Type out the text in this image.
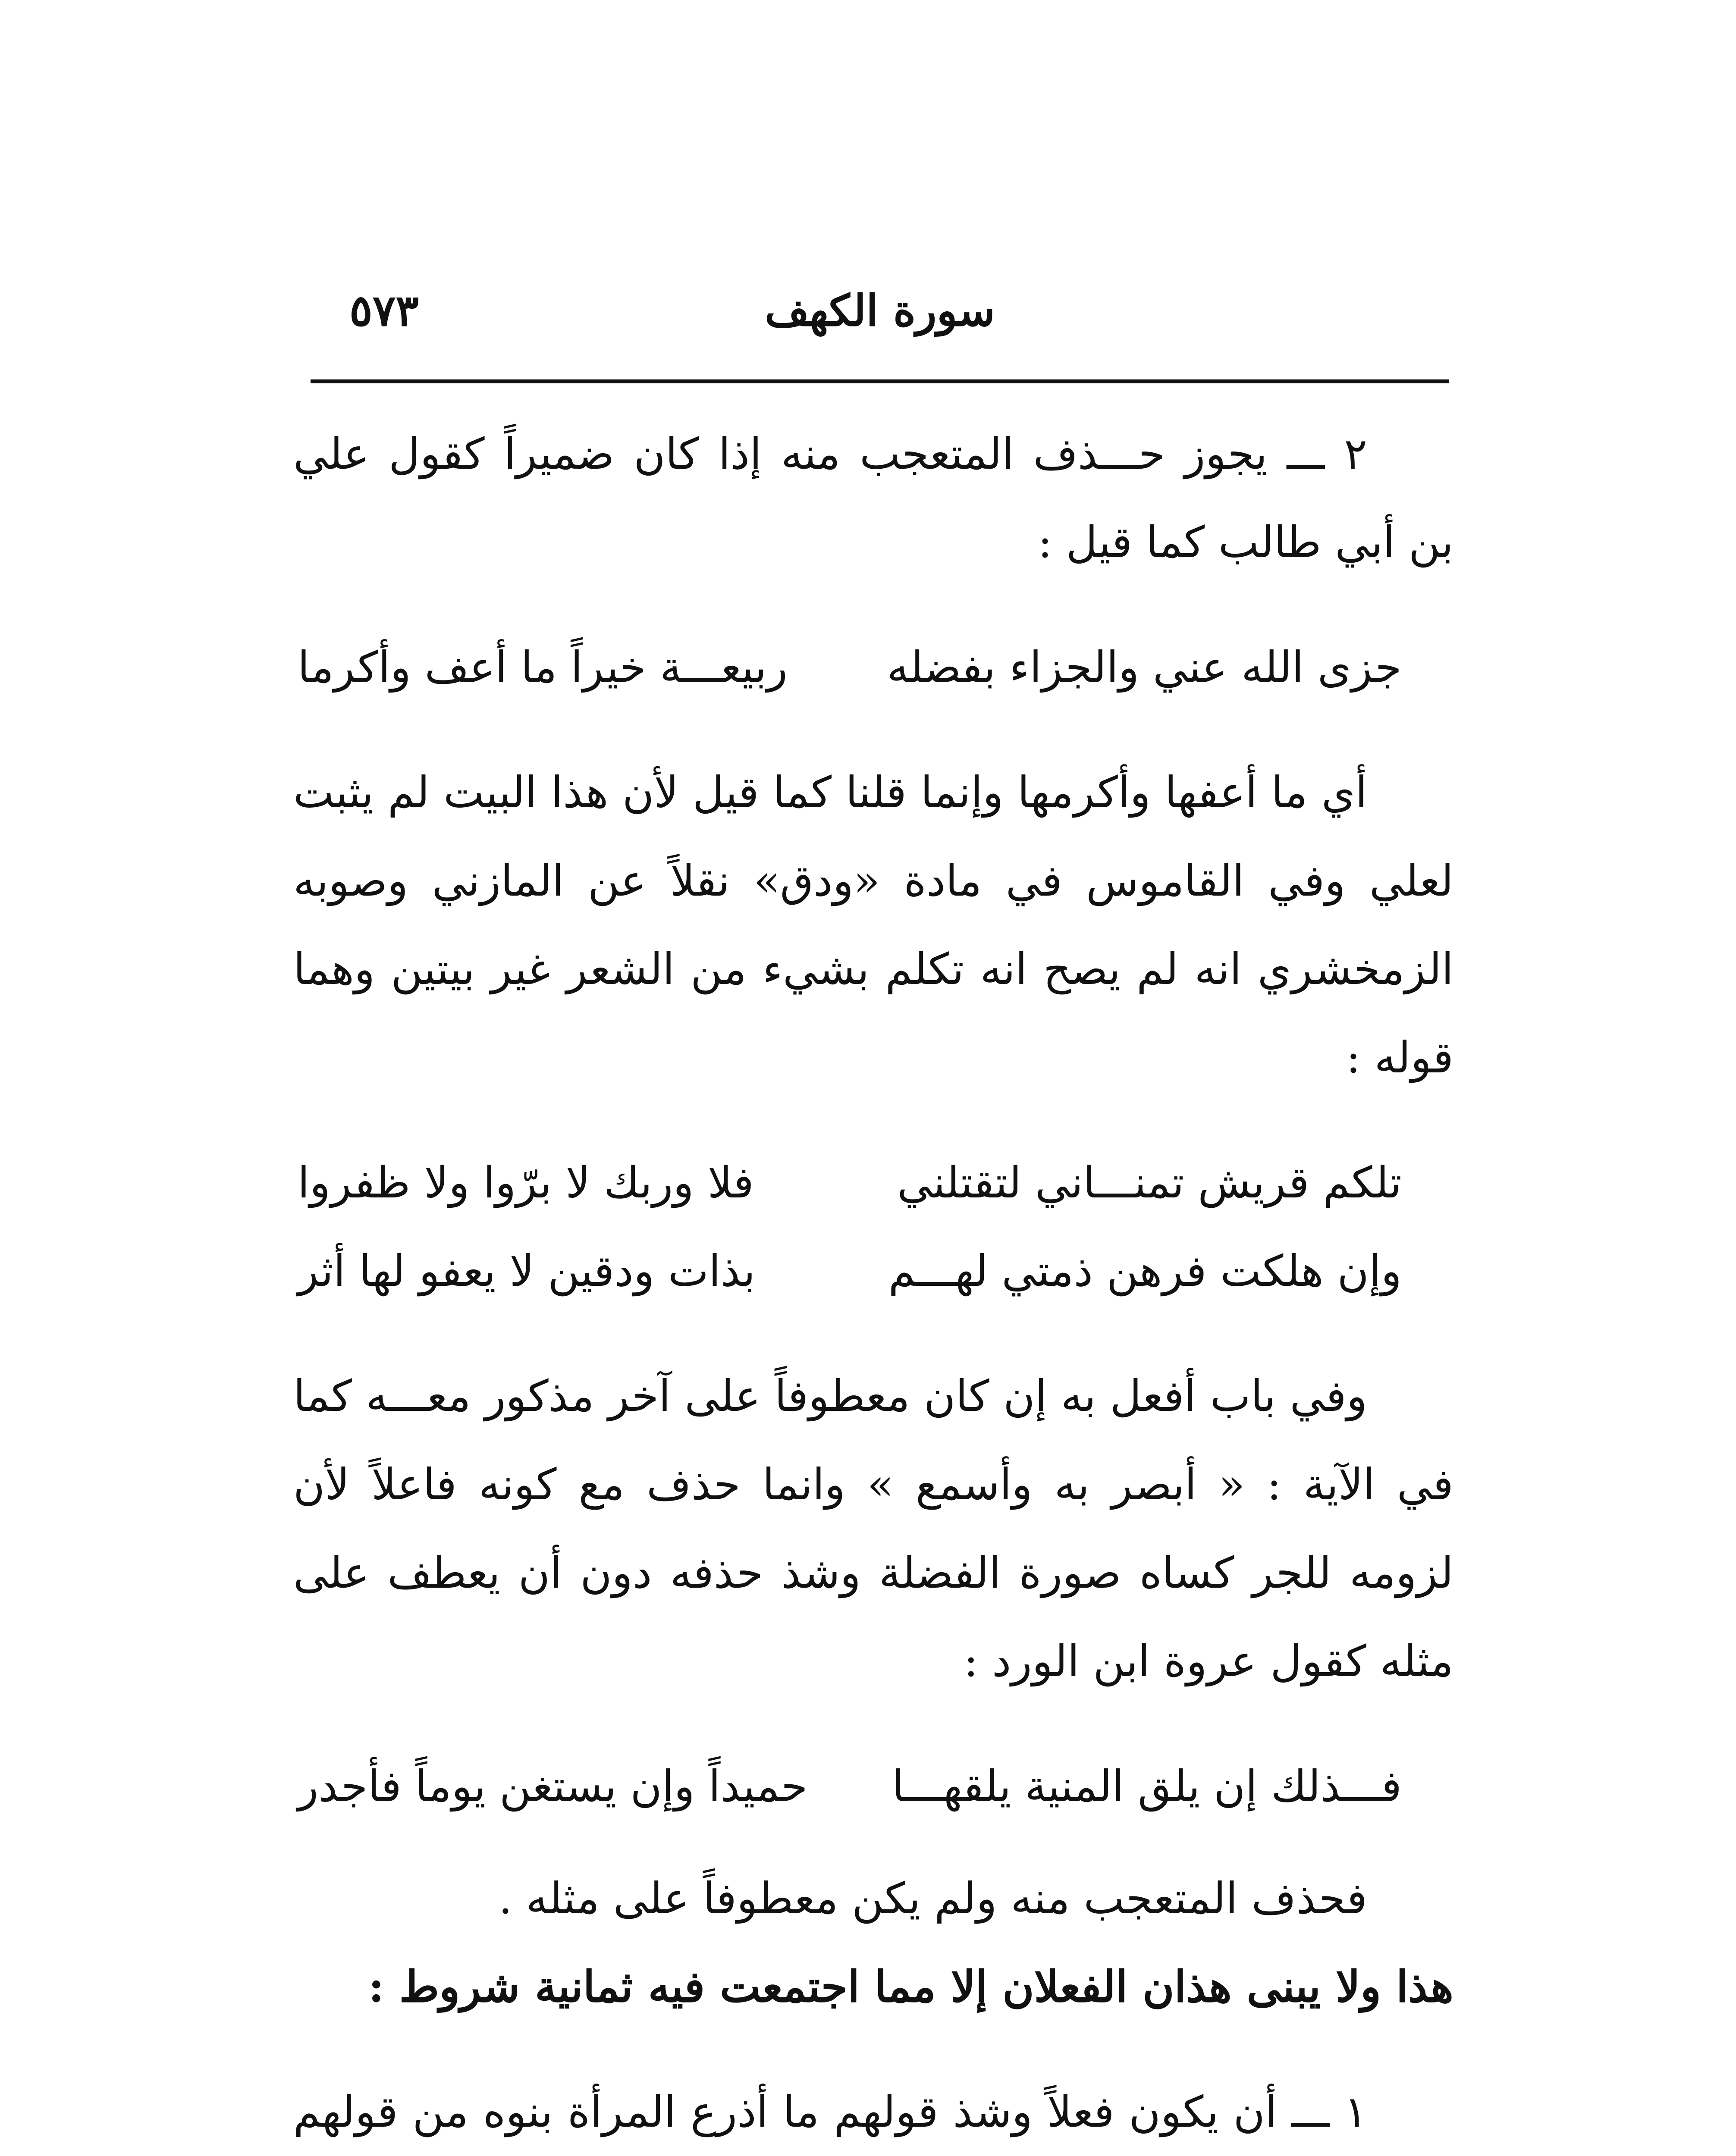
سورة الكهف
٥٧٣

٢ ـــ يجوز حـــذف المتعجب منه إذا كان ضميراً كقول علي بن أبي طالب كما قيل :

جزى الله عني والجزاء بفضله
ربيعـــة خيراً ما أعف وأكرما

أي ما أعفها وأكرمها وإنما قلنا كما قيل لأن هذا البيت لم يثبت لعلي وفي القاموس في مادة «ودق» نقلاً عن المازني وصوبه الزمخشري انه لم يصح انه تكلم بشيء من الشعر غير بيتين وهما قوله :

تلكم قريش تمنـــاني لتقتلني
فلا وربك لا برّوا ولا ظفروا
وإن هلكت فرهن ذمتي لهـــم
بذات ودقين لا يعفو لها أثر

وفي باب أفعل به إن كان معطوفاً على آخر مذكور معـــه كما في الآية : « أبصر به وأسمع » وانما حذف مع كونه فاعلاً لأن لزومه للجر كساه صورة الفضلة وشذ حذفه دون أن يعطف على مثله كقول عروة ابن الورد :

فـــذلك إن يلق المنية يلقهـــا
حميداً وإن يستغن يوماً فأجدر

فحذف المتعجب منه ولم يكن معطوفاً على مثله .

هذا ولا يبنى هذان الفعلان إلا مما اجتمعت فيه ثمانية شروط :

١ ـــ أن يكون فعلاً وشذ قولهم ما أذرع المرأة بنوه من قولهم
